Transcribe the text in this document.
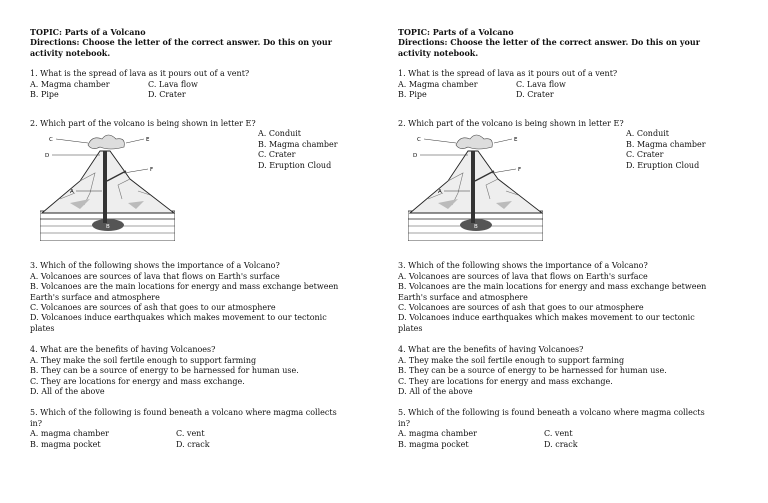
TOPIC: Parts of a Volcano
Directions: Choose the letter of the correct answer. Do this on your
activity notebook.
1. What is the spread of lava as it pours out of a vent?
A. Magma chamber	C. Lava flow
B. Pipe	D. Crater
2. Which part of the volcano is being shown in letter E?
C	E
D
F
A
B
A. Conduit
B. Magma chamber
C. Crater
D. Eruption Cloud
3. Which of the following shows the importance of a Volcano?
A. Volcanoes are sources of lava that flows on Earth's surface
B. Volcanoes are the main locations for energy and mass exchange between
Earth's surface and atmosphere
C. Volcanoes are sources of ash that goes to our atmosphere
D. Volcanoes induce earthquakes which makes movement to our tectonic
plates
4. What are the benefits of having Volcanoes?
A. They make the soil fertile enough to support farming
B. They can be a source of energy to be harnessed for human use.
C. They are locations for energy and mass exchange.
D. All of the above
5. Which of the following is found beneath a volcano where magma collects
in?
A. magma chamber	C. vent
B. magma pocket	D. crack
TOPIC: Parts of a Volcano
Directions: Choose the letter of the correct answer. Do this on your
activity notebook.
1. What is the spread of lava as it pours out of a vent?
A. Magma chamber	C. Lava flow
B. Pipe	D. Crater
2. Which part of the volcano is being shown in letter E?
C	E
D
F
A
B
A. Conduit
B. Magma chamber
C. Crater
D. Eruption Cloud
3. Which of the following shows the importance of a Volcano?
A. Volcanoes are sources of lava that flows on Earth's surface
B. Volcanoes are the main locations for energy and mass exchange between
Earth's surface and atmosphere
C. Volcanoes are sources of ash that goes to our atmosphere
D. Volcanoes induce earthquakes which makes movement to our tectonic
plates
4. What are the benefits of having Volcanoes?
A. They make the soil fertile enough to support farming
B. They can be a source of energy to be harnessed for human use.
C. They are locations for energy and mass exchange.
D. All of the above
5. Which of the following is found beneath a volcano where magma collects
in?
A. magma chamber	C. vent
B. magma pocket	D. crack
